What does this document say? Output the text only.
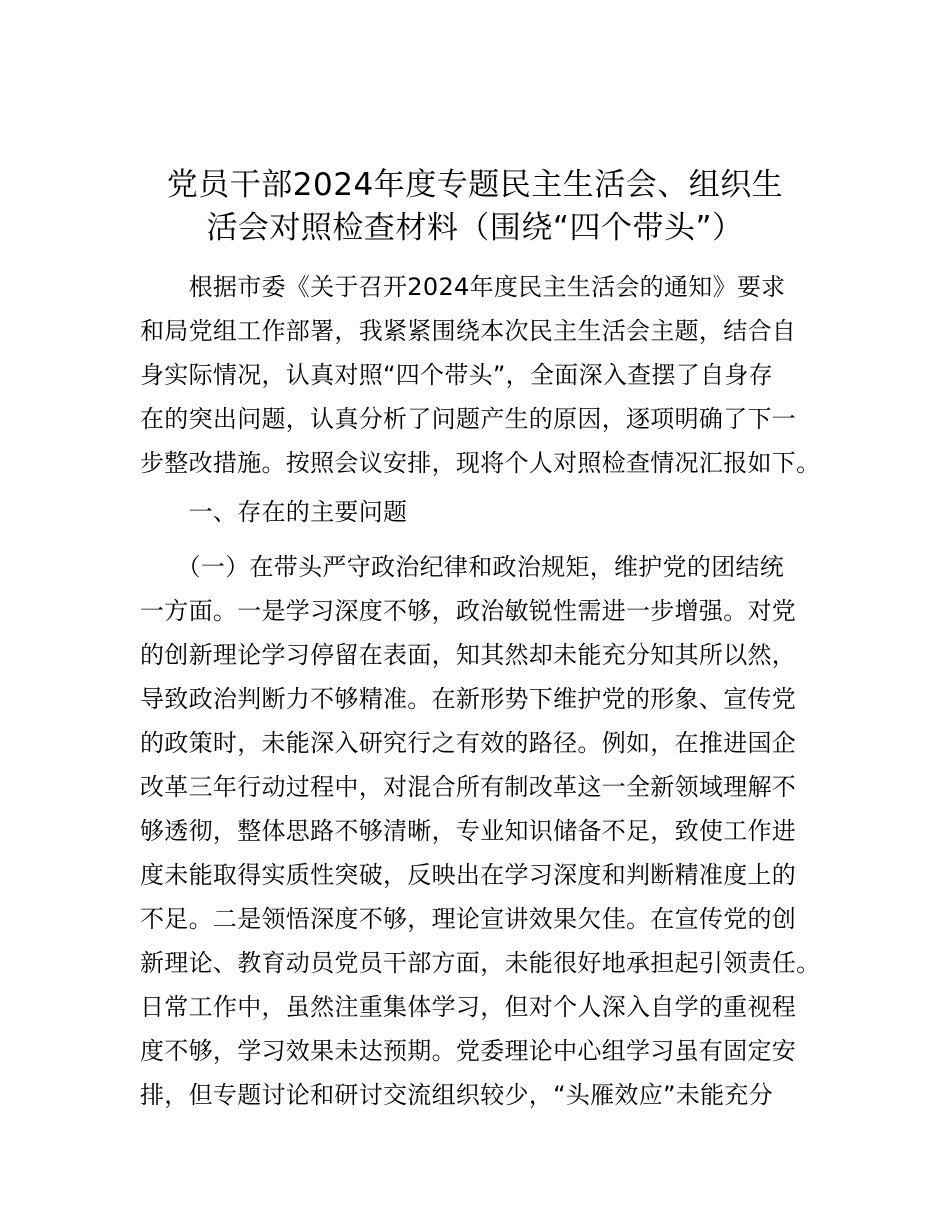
党员干部2024年度专题民主生活会、组织生
活会对照检查材料（围绕“四个带头”）
　　根据市委《关于召开2024年度民主生活会的通知》要求
和局党组工作部署，我紧紧围绕本次民主生活会主题，结合自
身实际情况，认真对照“四个带头”，全面深入查摆了自身存
在的突出问题，认真分析了问题产生的原因，逐项明确了下一
步整改措施。按照会议安排，现将个人对照检查情况汇报如下。
　　一、存在的主要问题
　　（一）在带头严守政治纪律和政治规矩，维护党的团结统
一方面。一是学习深度不够，政治敏锐性需进一步增强。对党
的创新理论学习停留在表面，知其然却未能充分知其所以然，
导致政治判断力不够精准。在新形势下维护党的形象、宣传党
的政策时，未能深入研究行之有效的路径。例如，在推进国企
改革三年行动过程中，对混合所有制改革这一全新领域理解不
够透彻，整体思路不够清晰，专业知识储备不足，致使工作进
度未能取得实质性突破，反映出在学习深度和判断精准度上的
不足。二是领悟深度不够，理论宣讲效果欠佳。在宣传党的创
新理论、教育动员党员干部方面，未能很好地承担起引领责任。
日常工作中，虽然注重集体学习，但对个人深入自学的重视程
度不够，学习效果未达预期。党委理论中心组学习虽有固定安
排，但专题讨论和研讨交流组织较少，“头雁效应”未能充分
